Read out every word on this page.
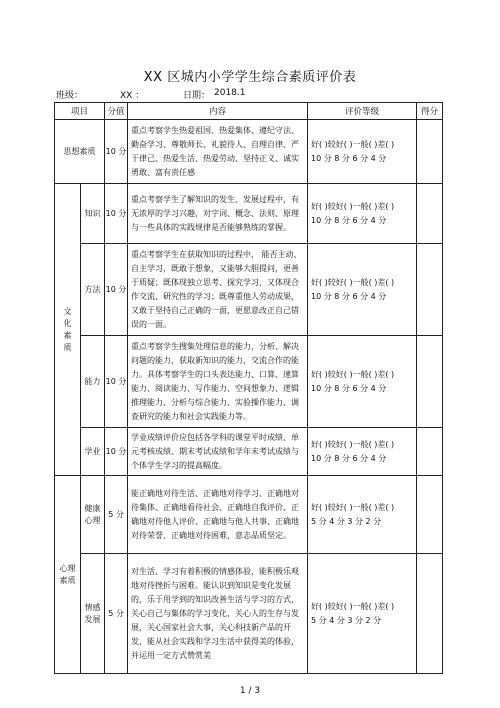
XX 区城内小学学生综合素质评价表
班级：	XX ：	日期： 2018.1
项目		分值	内容	评价等级	得分
思想素质		10 分	重点考察学生热爱祖国、热爱集体、遵纪守法、勤奋学习、尊敬师长、礼貌待人、自理自律、严于律己、热爱生活、热爱劳动、坚持正义、诚实勇敢、富有责任感	好( )较好( )一般( )差( )
10 分 8 分 6 分 4 分	

文
化
素
质	知识	10 分	重点考察学生了解知识的发生、发展过程中，有无浓厚的学习兴趣，对字词、概念、法则、原理与一些具体的实践规律是否能够熟练的掌握。	好( )较好( )一般( )差( )
10 分 8 分 6 分 4 分	
	方法	10 分	重点考察学生在获取知识的过程中， 能否主动、自主学习，既敢于想象，又能够大胆提问，更善于质疑；既体现独立思考、探究学习，又体现合作交流、研究性的学习；既尊重他人劳动成果，又敢于坚持自己正确的一面，更愿意改正自己错误的一面。	好( )较好( )一般( )差( )
10 分 8 分 6 分 4 分	
	能力	10 分	重点考察学生搜集处理信息的能力，分析、解决问题的能力，获取新知识的能力，交流合作的能力。具体考察学生的口头表达能力、口算、速算能力、阅读能力、写作能力、空间想象力、逻辑推理能力、分析与综合能力、实验操作能力、调查研究的能力和社会实践能力等。	好( )较好( )一般( )差( )
10 分 8 分 6 分 4 分	
	学业	10 分	学业成绩评价应包括各学科的课堂平时成绩、单元考核成绩、期末考试成绩和学年末考试成绩与个体学生学习的提高幅度。	好( )较好( )一般( )差( )
10 分 8 分 6 分 4 分	

心理
素质	健康
心理	5 分	能正确地对待生活、正确地对待学习、正确地对待集体、正确地看待社会、正确地自我评价、正确地对待他人评价、正确地与他人共事、正确地对待荣誉、正确地对待困难，意志品质坚定。	好( )较好( )一般( )差( )
5 分 4 分 3 分 2 分	

	情感
发展	5 分	对生活、学习有着积极的情感体验，能积极乐观地对待挫折与困难。能认识到知识是变化发展的，乐于用学到的知识改善生活与学习的方式，关心自己与集体的学习变化，关心人的生存与发展，关心国家社会大事，关心科技新产品的开发，能从社会实践和学习生活中获得美的体验，并运用一定方式赞赏美	好( )较好( )一般( )差( )
5 分 4 分 3 分 2 分	
1 / 3
